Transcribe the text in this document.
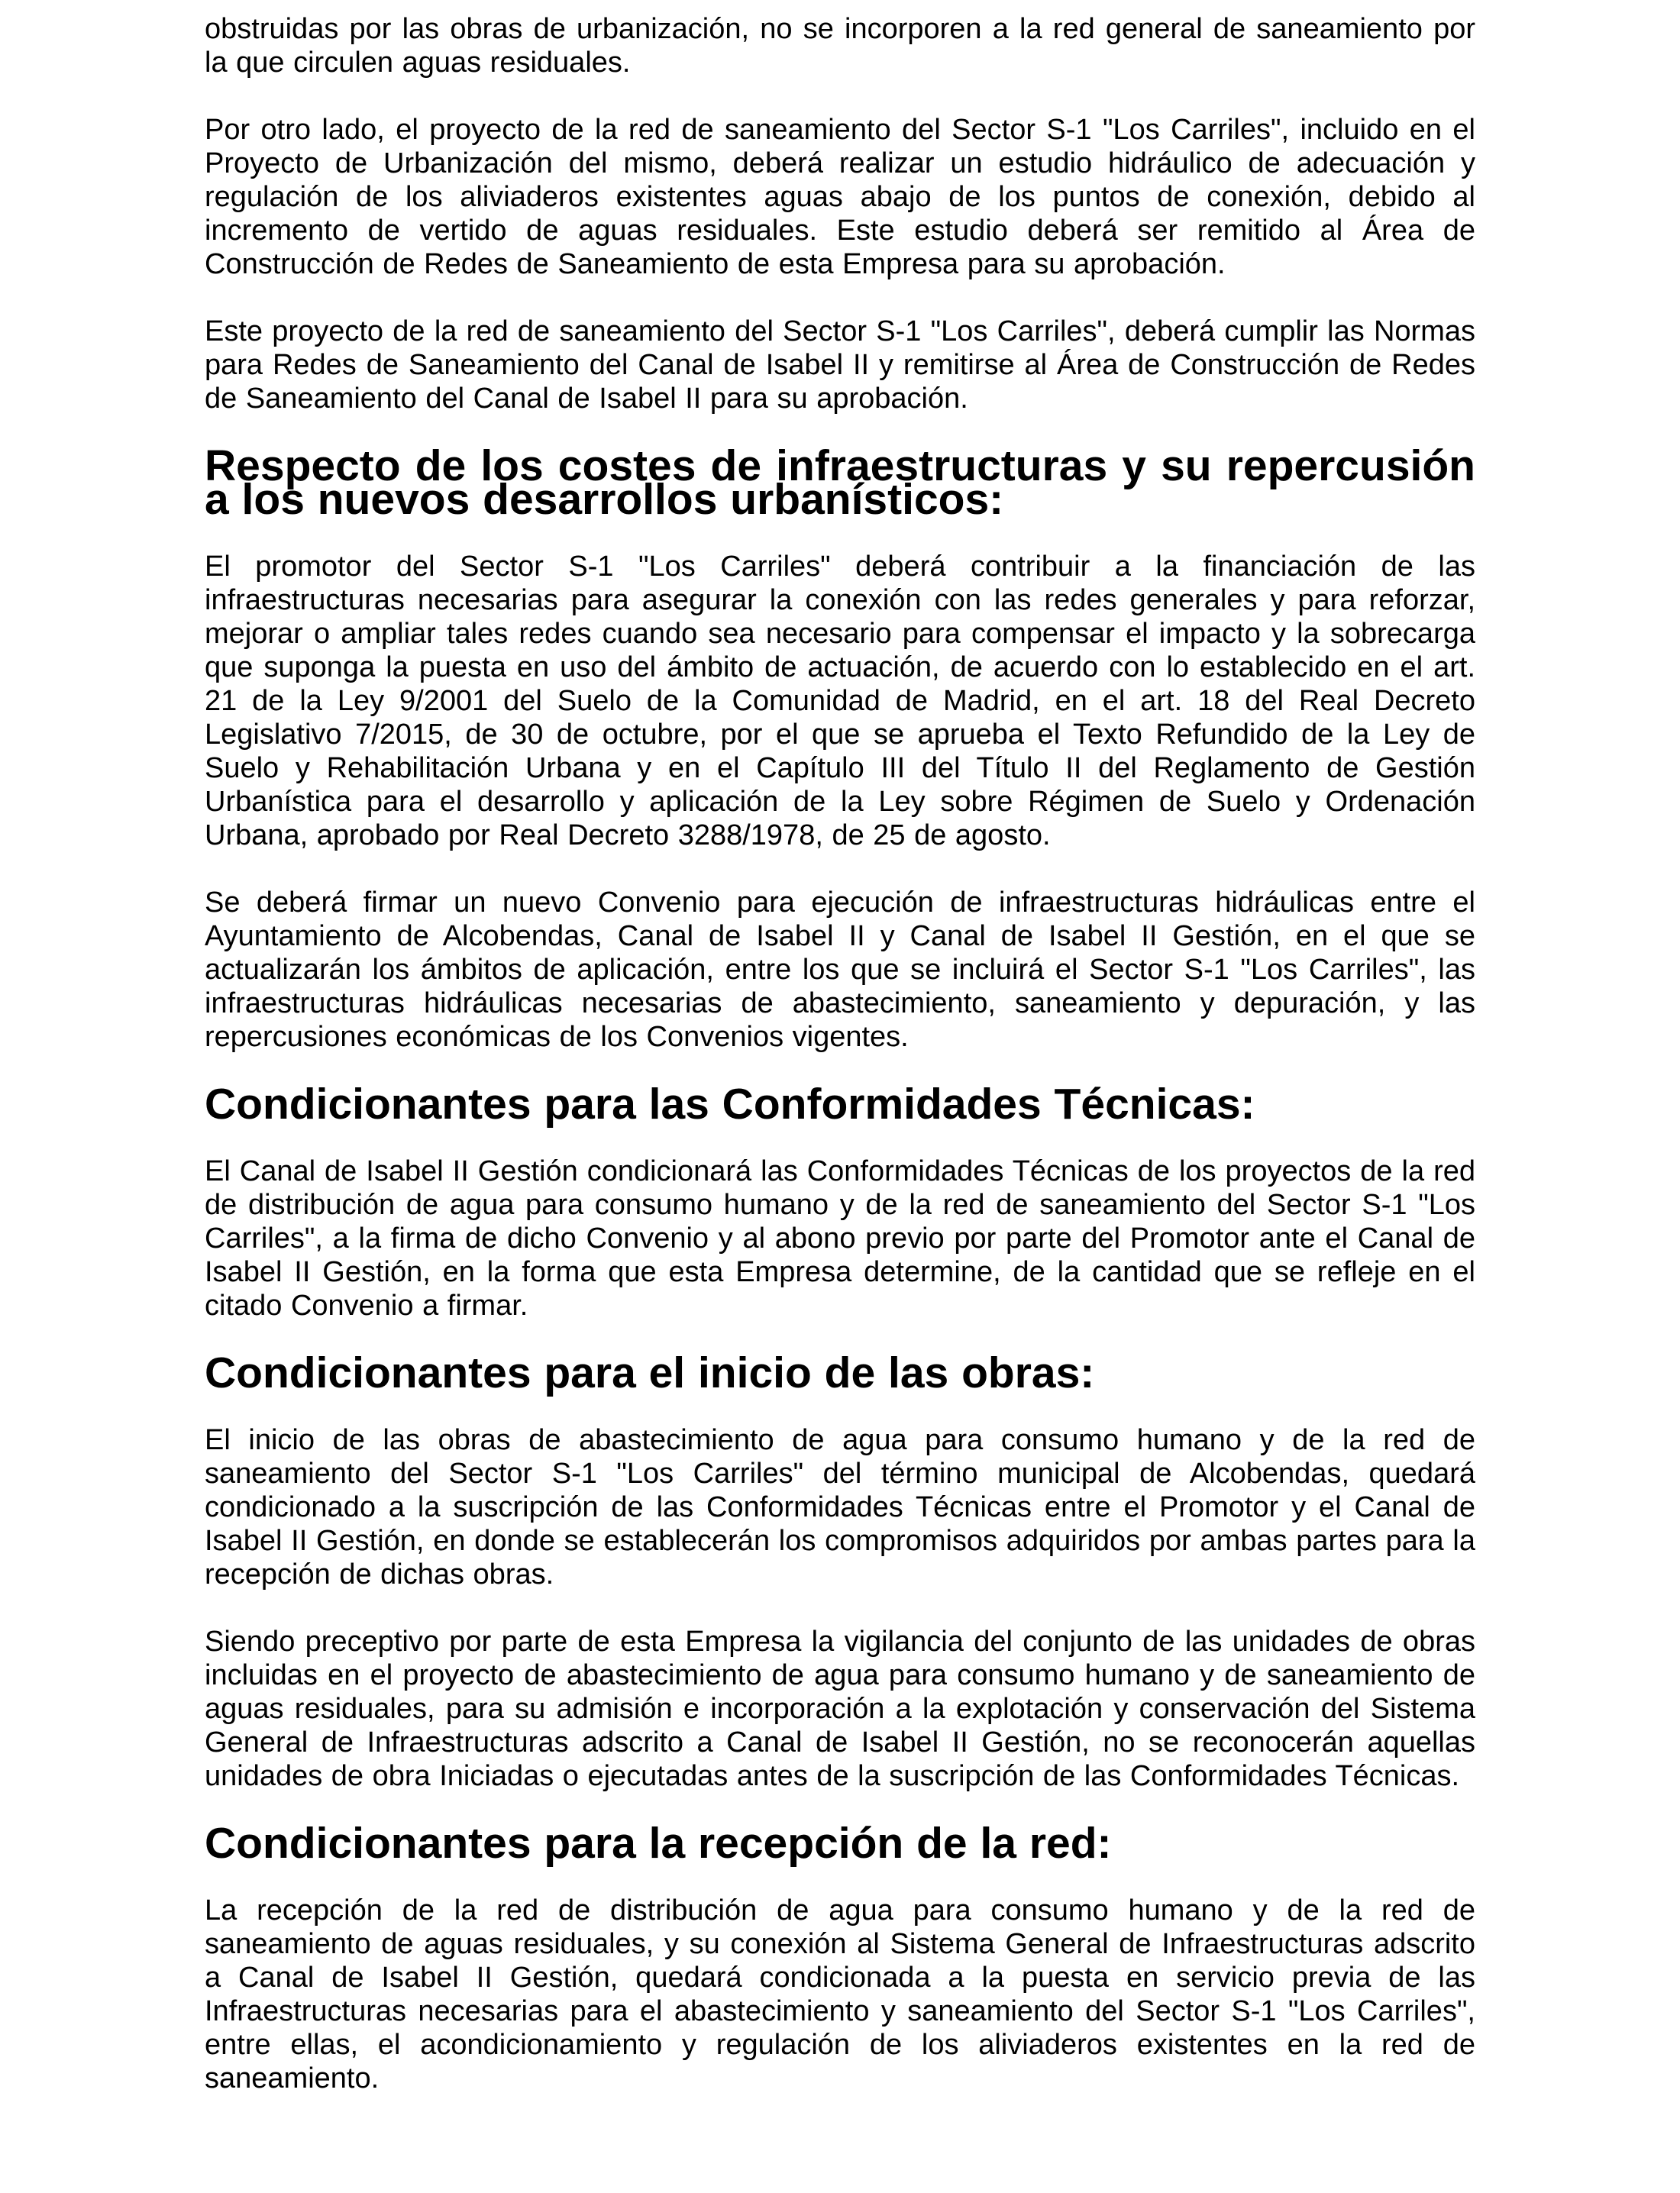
obstruidas por las obras de urbanización, no se incorporen a la red general de saneamiento por la que circulen aguas residuales.

Por otro lado, el proyecto de la red de saneamiento del Sector S-1 "Los Carriles", incluido en el Proyecto de Urbanización del mismo, deberá realizar un estudio hidráulico de adecuación y regulación de los aliviaderos existentes aguas abajo de los puntos de conexión, debido al incremento de vertido de aguas residuales. Este estudio deberá ser remitido al Área de Construcción de Redes de Saneamiento de esta Empresa para su aprobación.

Este proyecto de la red de saneamiento del Sector S-1 "Los Carriles", deberá cumplir las Normas para Redes de Saneamiento del Canal de Isabel II y remitirse al Área de Construcción de Redes de Saneamiento del Canal de Isabel II para su aprobación.

Respecto de los costes de infraestructuras y su repercusión a los nuevos desarrollos urbanísticos:

El promotor del Sector S-1 "Los Carriles" deberá contribuir a la financiación de las infraestructuras necesarias para asegurar la conexión con las redes generales y para reforzar, mejorar o ampliar tales redes cuando sea necesario para compensar el impacto y la sobrecarga que suponga la puesta en uso del ámbito de actuación, de acuerdo con lo establecido en el art. 21 de la Ley 9/2001 del Suelo de la Comunidad de Madrid, en el art. 18 del Real Decreto Legislativo 7/2015, de 30 de octubre, por el que se aprueba el Texto Refundido de la Ley de Suelo y Rehabilitación Urbana y en el Capítulo III del Título II del Reglamento de Gestión Urbanística para el desarrollo y aplicación de la Ley sobre Régimen de Suelo y Ordenación Urbana, aprobado por Real Decreto 3288/1978, de 25 de agosto.

Se deberá firmar un nuevo Convenio para ejecución de infraestructuras hidráulicas entre el Ayuntamiento de Alcobendas, Canal de Isabel II y Canal de Isabel II Gestión, en el que se actualizarán los ámbitos de aplicación, entre los que se incluirá el Sector S-1 "Los Carriles", las infraestructuras hidráulicas necesarias de abastecimiento, saneamiento y depuración, y las repercusiones económicas de los Convenios vigentes.

Condicionantes para las Conformidades Técnicas:

El Canal de Isabel II Gestión condicionará las Conformidades Técnicas de los proyectos de la red de distribución de agua para consumo humano y de la red de saneamiento del Sector S-1 "Los Carriles", a la firma de dicho Convenio y al abono previo por parte del Promotor ante el Canal de Isabel II Gestión, en la forma que esta Empresa determine, de la cantidad que se refleje en el citado Convenio a firmar.

Condicionantes para el inicio de las obras:

El inicio de las obras de abastecimiento de agua para consumo humano y de la red de saneamiento del Sector S-1 "Los Carriles" del término municipal de Alcobendas, quedará condicionado a la suscripción de las Conformidades Técnicas entre el Promotor y el Canal de Isabel II Gestión, en donde se establecerán los compromisos adquiridos por ambas partes para la recepción de dichas obras.

Siendo preceptivo por parte de esta Empresa la vigilancia del conjunto de las unidades de obras incluidas en el proyecto de abastecimiento de agua para consumo humano y de saneamiento de aguas residuales, para su admisión e incorporación a la explotación y conservación del Sistema General de Infraestructuras adscrito a Canal de Isabel II Gestión, no se reconocerán aquellas unidades de obra Iniciadas o ejecutadas antes de la suscripción de las Conformidades Técnicas.

Condicionantes para la recepción de la red:

La recepción de la red de distribución de agua para consumo humano y de la red de saneamiento de aguas residuales, y su conexión al Sistema General de Infraestructuras adscrito a Canal de Isabel II Gestión, quedará condicionada a la puesta en servicio previa de las Infraestructuras necesarias para el abastecimiento y saneamiento del Sector S-1 "Los Carriles", entre ellas, el acondicionamiento y regulación de los aliviaderos existentes en la red de saneamiento.
